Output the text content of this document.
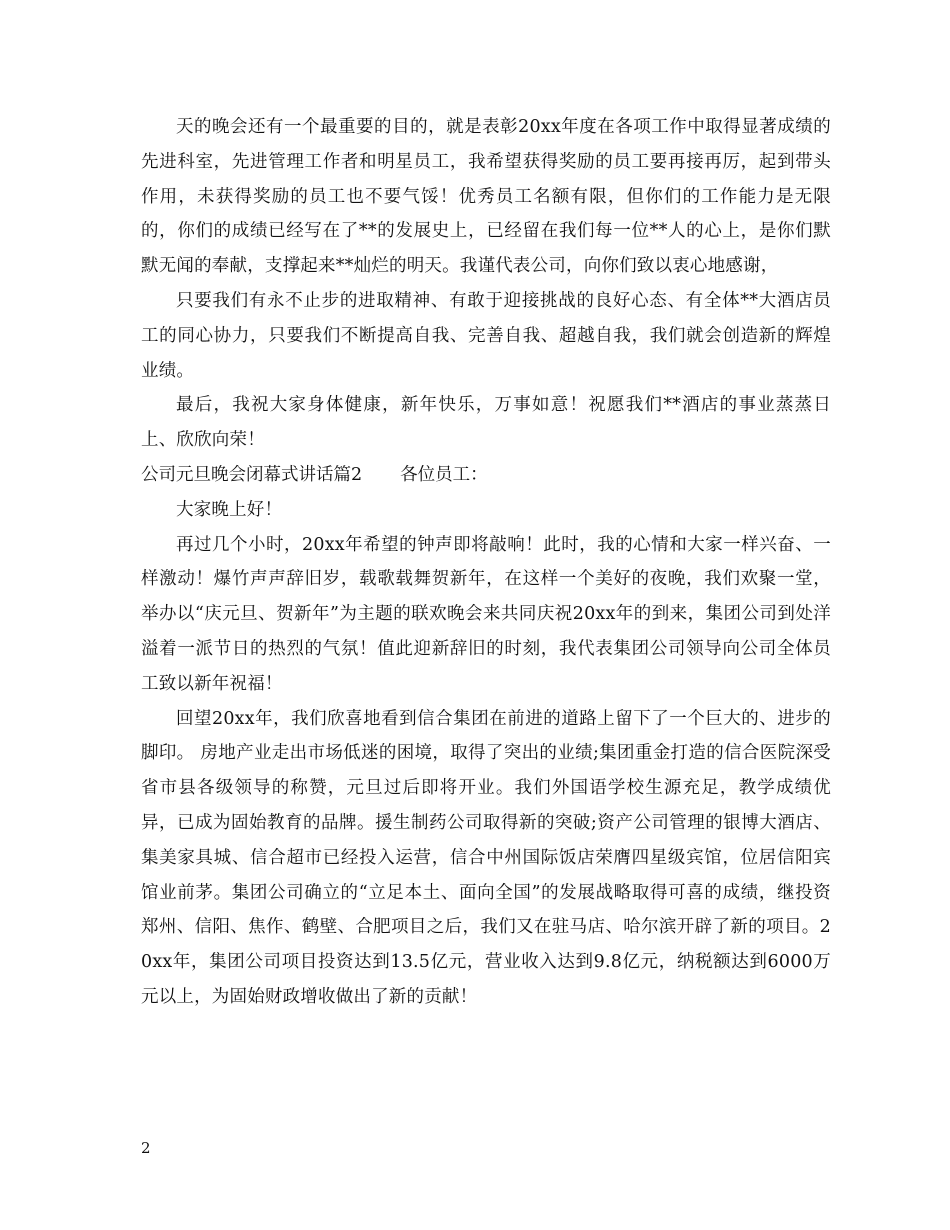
天的晚会还有一个最重要的目的，就是表彰20xx年度在各项工作中取得显著成绩的先进科室，先进管理工作者和明星员工，我希望获得奖励的员工要再接再厉，起到带头作用，未获得奖励的员工也不要气馁！优秀员工名额有限，但你们的工作能力是无限的，你们的成绩已经写在了**的发展史上，已经留在我们每一位**人的心上，是你们默默无闻的奉献，支撑起来**灿烂的明天。我谨代表公司，向你们致以衷心地感谢，

只要我们有永不止步的进取精神、有敢于迎接挑战的良好心态、有全体**大酒店员工的同心协力，只要我们不断提高自我、完善自我、超越自我，我们就会创造新的辉煌业绩。

最后，我祝大家身体健康，新年快乐，万事如意！祝愿我们**酒店的事业蒸蒸日上、欣欣向荣！

公司元旦晚会闭幕式讲话篇2 各位员工：

大家晚上好！

再过几个小时，20xx年希望的钟声即将敲响！此时，我的心情和大家一样兴奋、一样激动！爆竹声声辞旧岁，载歌载舞贺新年，在这样一个美好的夜晚，我们欢聚一堂，举办以“庆元旦、贺新年”为主题的联欢晚会来共同庆祝20xx年的到来，集团公司到处洋溢着一派节日的热烈的气氛！值此迎新辞旧的时刻，我代表集团公司领导向公司全体员工致以新年祝福！

回望20xx年，我们欣喜地看到信合集团在前进的道路上留下了一个巨大的、进步的脚印。 房地产业走出市场低迷的困境，取得了突出的业绩;集团重金打造的信合医院深受省市县各级领导的称赞，元旦过后即将开业。我们外国语学校生源充足，教学成绩优异，已成为固始教育的品牌。援生制药公司取得新的突破;资产公司管理的银博大酒店、集美家具城、信合超市已经投入运营，信合中州国际饭店荣膺四星级宾馆，位居信阳宾馆业前茅。集团公司确立的“立足本土、面向全国”的发展战略取得可喜的成绩，继投资郑州、信阳、焦作、鹤壁、合肥项目之后，我们又在驻马店、哈尔滨开辟了新的项目。20xx年，集团公司项目投资达到13.5亿元，营业收入达到9.8亿元，纳税额达到6000万元以上，为固始财政增收做出了新的贡献！

2
